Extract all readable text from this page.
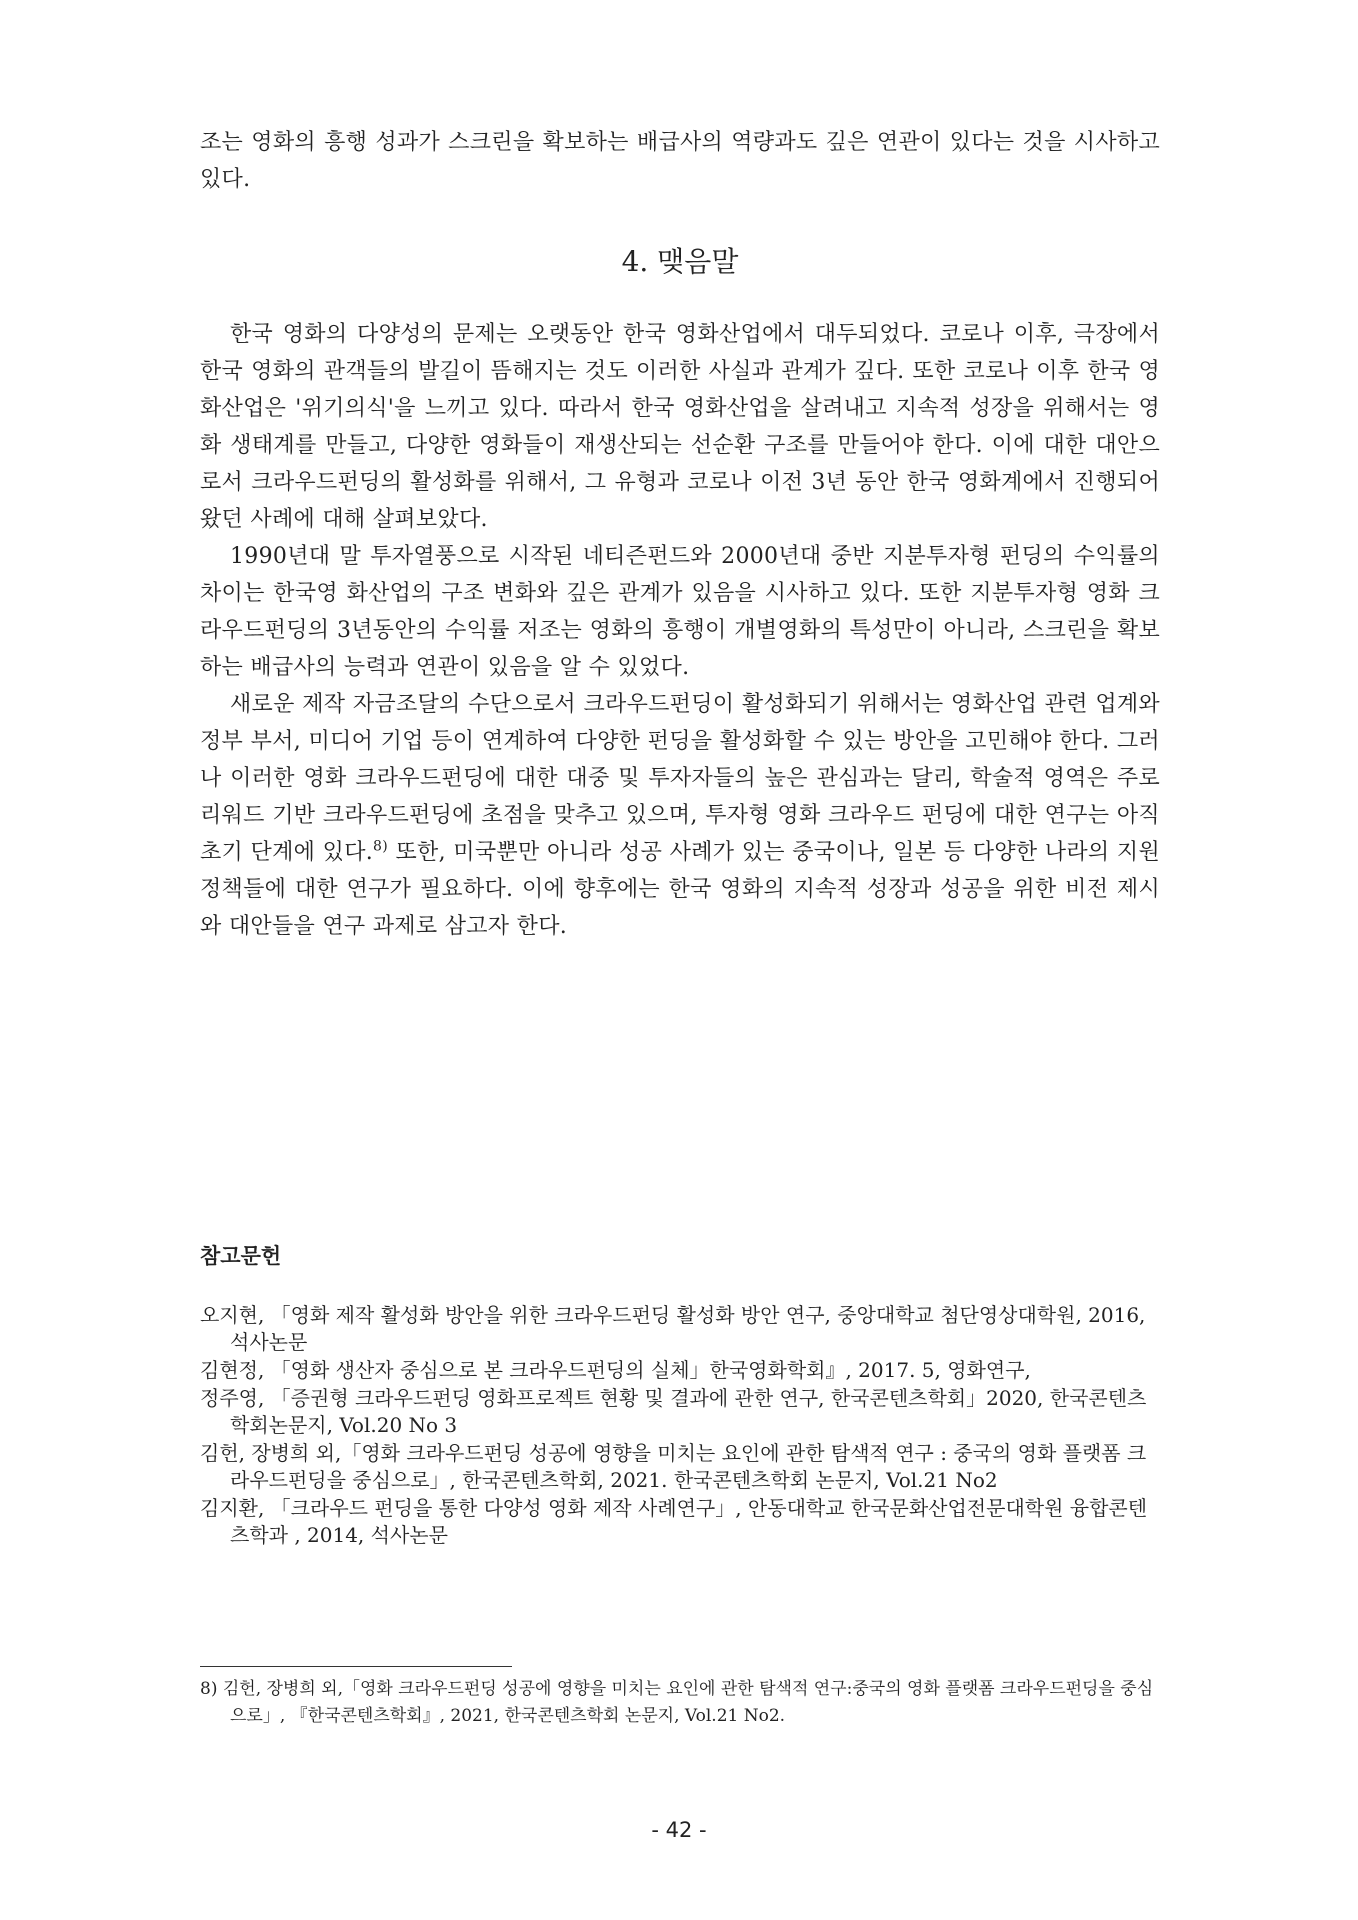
조는 영화의 흥행 성과가 스크린을 확보하는 배급사의 역량과도 깊은 연관이 있다는 것을 시사하고 있다.

4. 맺음말

한국 영화의 다양성의 문제는 오랫동안 한국 영화산업에서 대두되었다. 코로나 이후, 극장에서 한국 영화의 관객들의 발길이 뜸해지는 것도 이러한 사실과 관계가 깊다. 또한 코로나 이후 한국 영화산업은 '위기의식'을 느끼고 있다. 따라서 한국 영화산업을 살려내고 지속적 성장을 위해서는 영화 생태계를 만들고, 다양한 영화들이 재생산되는 선순환 구조를 만들어야 한다. 이에 대한 대안으로서 크라우드펀딩의 활성화를 위해서, 그 유형과 코로나 이전 3년 동안 한국 영화계에서 진행되어왔던 사례에 대해 살펴보았다.

1990년대 말 투자열풍으로 시작된 네티즌펀드와 2000년대 중반 지분투자형 펀딩의 수익률의 차이는 한국영 화산업의 구조 변화와 깊은 관계가 있음을 시사하고 있다. 또한 지분투자형 영화 크라우드펀딩의 3년동안의 수익률 저조는 영화의 흥행이 개별영화의 특성만이 아니라, 스크린을 확보하는 배급사의 능력과 연관이 있음을 알 수 있었다.

새로운 제작 자금조달의 수단으로서 크라우드펀딩이 활성화되기 위해서는 영화산업 관련 업계와 정부 부서, 미디어 기업 등이 연계하여 다양한 펀딩을 활성화할 수 있는 방안을 고민해야 한다. 그러나 이러한 영화 크라우드펀딩에 대한 대중 및 투자자들의 높은 관심과는 달리, 학술적 영역은 주로 리워드 기반 크라우드펀딩에 초점을 맞추고 있으며, 투자형 영화 크라우드 펀딩에 대한 연구는 아직 초기 단계에 있다.$^{8)}$ 또한, 미국뿐만 아니라 성공 사례가 있는 중국이나, 일본 등 다양한 나라의 지원 정책들에 대한 연구가 필요하다. 이에 향후에는 한국 영화의 지속적 성장과 성공을 위한 비전 제시와 대안들을 연구 과제로 삼고자 한다.

참고문헌
오지현, 「영화 제작 활성화 방안을 위한 크라우드펀딩 활성화 방안 연구, 중앙대학교 첨단영상대학원, 2016, 석사논문
김현정, 「영화 생산자 중심으로 본 크라우드펀딩의 실체」한국영화학회』, 2017. 5, 영화연구,
정주영, 「증권형 크라우드펀딩 영화프로젝트 현황 및 결과에 관한 연구, 한국콘텐츠학회」2020, 한국콘텐츠학회논문지, Vol.20 No 3
김헌, 장병희 외,「영화 크라우드펀딩 성공에 영향을 미치는 요인에 관한 탐색적 연구 : 중국의 영화 플랫폼 크라우드펀딩을 중심으로」, 한국콘텐츠학회, 2021. 한국콘텐츠학회 논문지, Vol.21 No2
김지환, 「크라우드 펀딩을 통한 다양성 영화 제작 사례연구」, 안동대학교 한국문화산업전문대학원 융합콘텐츠학과 , 2014, 석사논문

8) 김헌, 장병희 외,「영화 크라우드펀딩 성공에 영향을 미치는 요인에 관한 탐색적 연구:중국의 영화 플랫폼 크라우드펀딩을 중심으로」, 『한국콘텐츠학회』, 2021, 한국콘텐츠학회 논문지, Vol.21 No2.

- 42 -
